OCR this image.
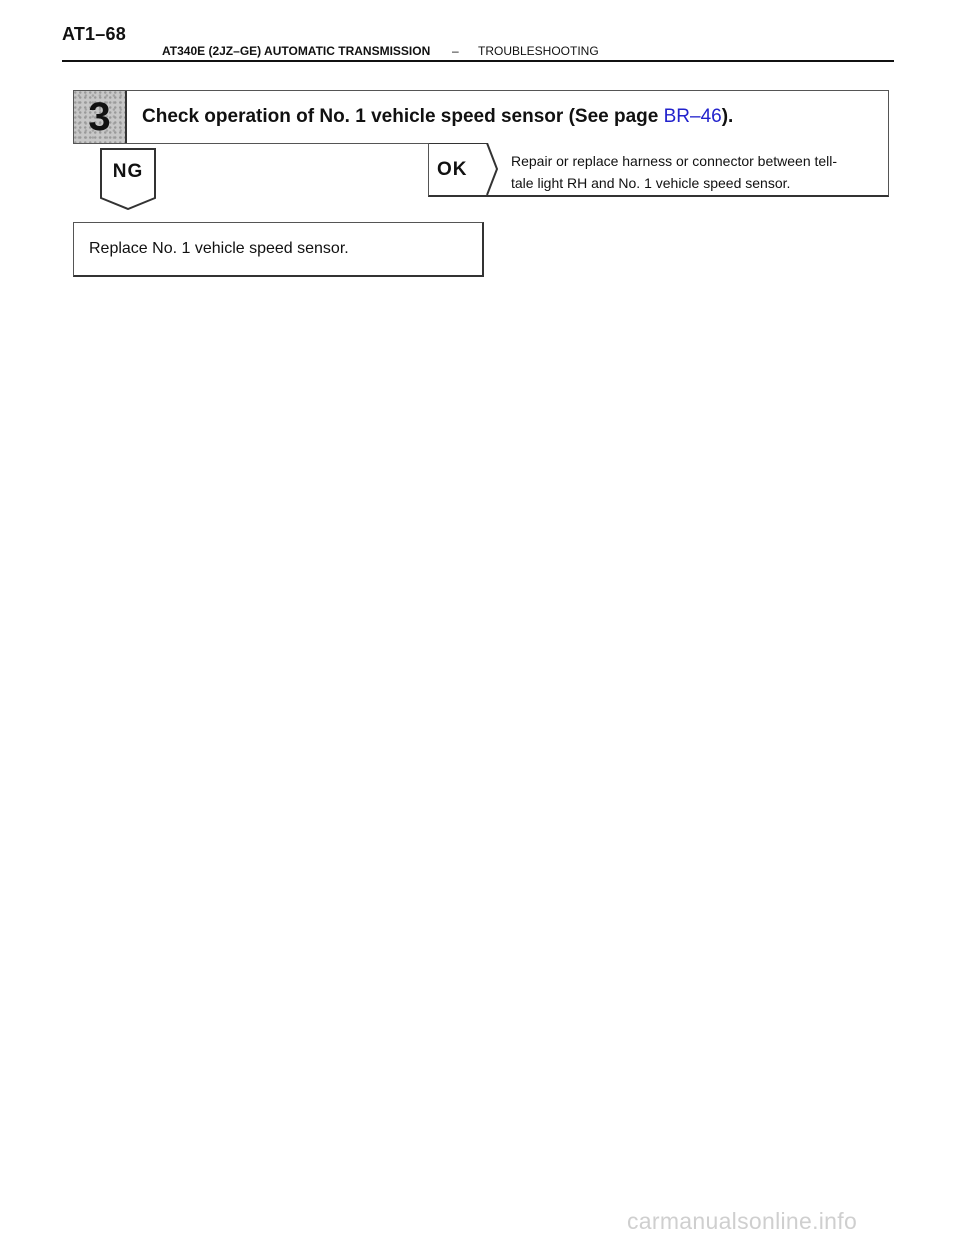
AT1–68
AT340E (2JZ–GE) AUTOMATIC TRANSMISSION – TROUBLESHOOTING
3	Check operation of No. 1 vehicle speed sensor (See page BR–46).
NG	OK	Repair or replace harness or connector between tell-
tale light RH and No. 1 vehicle speed sensor.
Replace No. 1 vehicle speed sensor.
carmanualsonline.info
